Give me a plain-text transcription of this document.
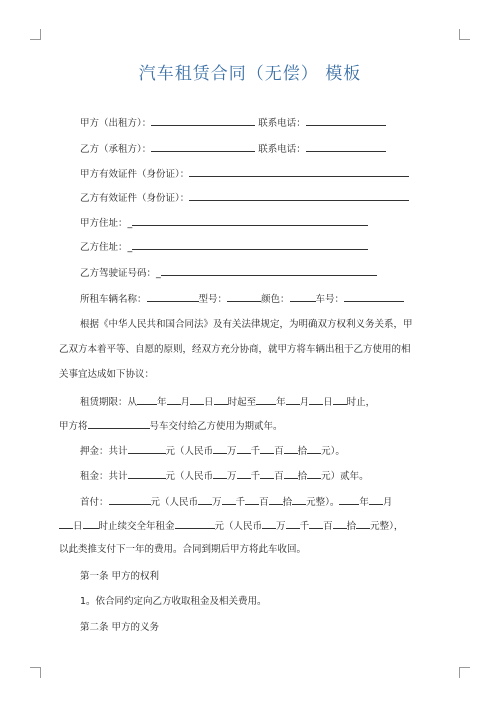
汽车租赁合同（无偿） 模板
甲方（出租方）：	联系电话：
乙方（承租方）：	联系电话：
甲方有效证件（身份证）：
乙方有效证件（身份证）：
甲方住址：_
乙方住址：_
乙方驾驶证号码：_
所租车辆名称：	型号：	颜色：	车号：
根据《中华人民共和国合同法》及有关法律规定，为明确双方权利义务关系，甲
乙双方本着平等、自愿的原则，经双方充分协商，就甲方将车辆出租于乙方使用的相
关事宜达成如下协议：
租赁期限：从 年 月 日 时起至 年 月 日 时止，
甲方将	号车交付给乙方使用为期贰年。
押金：共计	元（人民币 万 千 百 拾 元）。
租金：共计	元（人民币 万 千 百 拾 元）贰年。
首付：	元（人民币 万 千 百 拾 元整）。 年 月
日 时止续交全年租金	元（人民币 万 千 百 拾 元整），
以此类推支付下一年的费用。合同到期后甲方将此车收回。
第一条 甲方的权利
1。依合同约定向乙方收取租金及相关费用。
第二条 甲方的义务
